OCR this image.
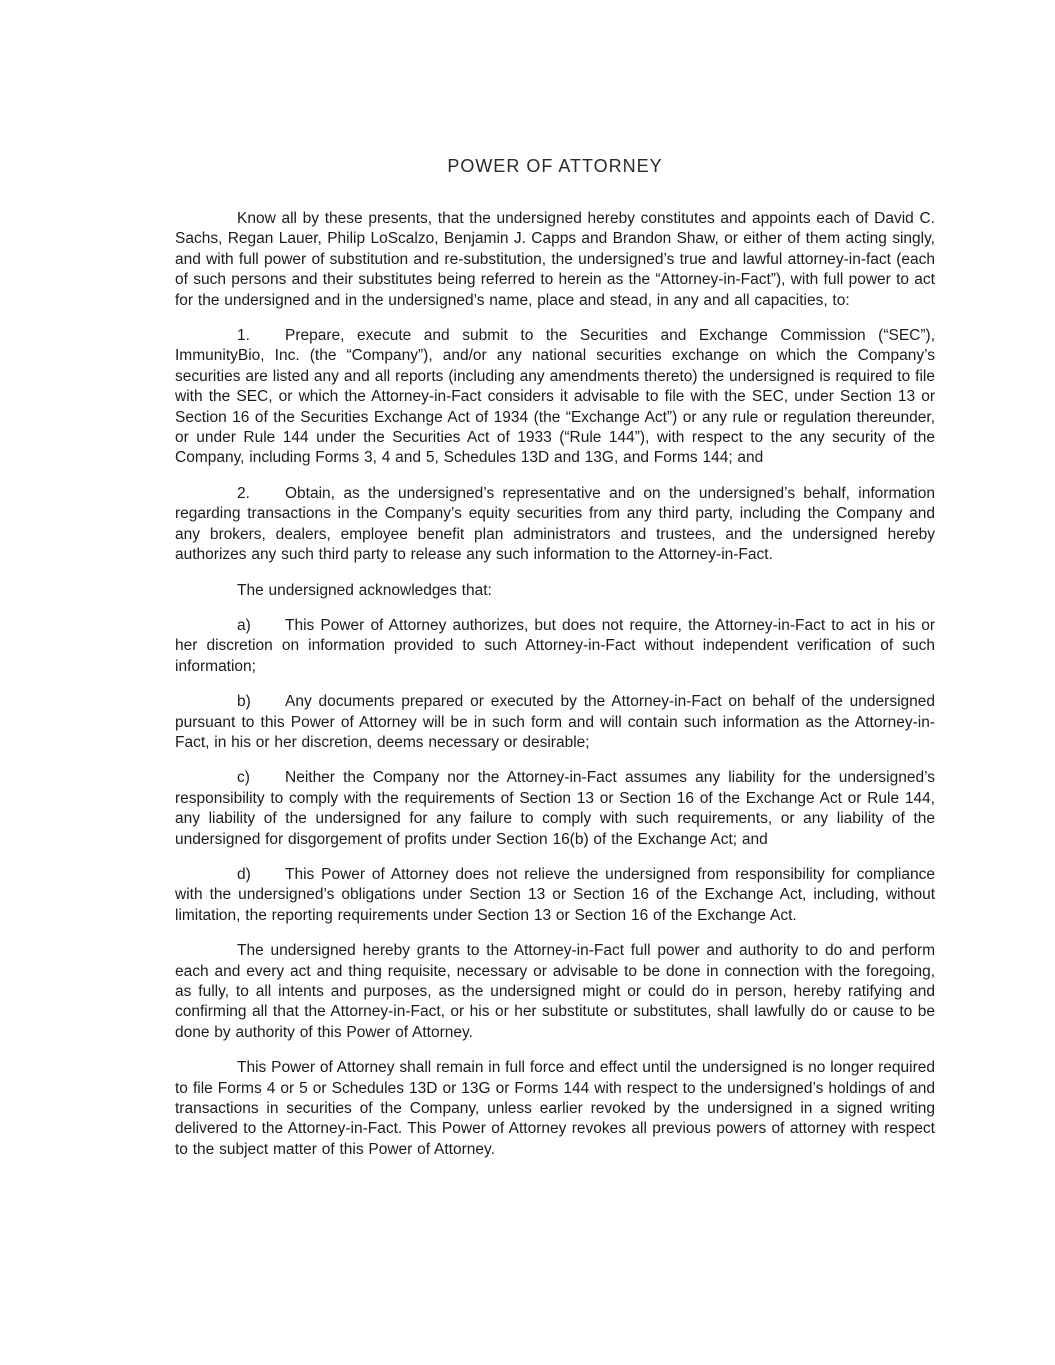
POWER OF ATTORNEY

Know all by these presents, that the undersigned hereby constitutes and appoints each of David C. Sachs, Regan Lauer, Philip LoScalzo, Benjamin J. Capps and Brandon Shaw, or either of them acting singly, and with full power of substitution and re-substitution, the undersigned’s true and lawful attorney-in-fact (each of such persons and their substitutes being referred to herein as the “Attorney-in-Fact”), with full power to act for the undersigned and in the undersigned’s name, place and stead, in any and all capacities, to:

1. Prepare, execute and submit to the Securities and Exchange Commission (“SEC”), ImmunityBio, Inc. (the “Company”), and/or any national securities exchange on which the Company’s securities are listed any and all reports (including any amendments thereto) the undersigned is required to file with the SEC, or which the Attorney-in-Fact considers it advisable to file with the SEC, under Section 13 or Section 16 of the Securities Exchange Act of 1934 (the “Exchange Act”) or any rule or regulation thereunder, or under Rule 144 under the Securities Act of 1933 (“Rule 144”), with respect to the any security of the Company, including Forms 3, 4 and 5, Schedules 13D and 13G, and Forms 144; and

2. Obtain, as the undersigned’s representative and on the undersigned’s behalf, information regarding transactions in the Company’s equity securities from any third party, including the Company and any brokers, dealers, employee benefit plan administrators and trustees, and the undersigned hereby authorizes any such third party to release any such information to the Attorney-in-Fact.

The undersigned acknowledges that:

a) This Power of Attorney authorizes, but does not require, the Attorney-in-Fact to act in his or her discretion on information provided to such Attorney-in-Fact without independent verification of such information;

b) Any documents prepared or executed by the Attorney-in-Fact on behalf of the undersigned pursuant to this Power of Attorney will be in such form and will contain such information as the Attorney-in-Fact, in his or her discretion, deems necessary or desirable;

c) Neither the Company nor the Attorney-in-Fact assumes any liability for the undersigned’s responsibility to comply with the requirements of Section 13 or Section 16 of the Exchange Act or Rule 144, any liability of the undersigned for any failure to comply with such requirements, or any liability of the undersigned for disgorgement of profits under Section 16(b) of the Exchange Act; and

d) This Power of Attorney does not relieve the undersigned from responsibility for compliance with the undersigned’s obligations under Section 13 or Section 16 of the Exchange Act, including, without limitation, the reporting requirements under Section 13 or Section 16 of the Exchange Act.

The undersigned hereby grants to the Attorney-in-Fact full power and authority to do and perform each and every act and thing requisite, necessary or advisable to be done in connection with the foregoing, as fully, to all intents and purposes, as the undersigned might or could do in person, hereby ratifying and confirming all that the Attorney-in-Fact, or his or her substitute or substitutes, shall lawfully do or cause to be done by authority of this Power of Attorney.

This Power of Attorney shall remain in full force and effect until the undersigned is no longer required to file Forms 4 or 5 or Schedules 13D or 13G or Forms 144 with respect to the undersigned’s holdings of and transactions in securities of the Company, unless earlier revoked by the undersigned in a signed writing delivered to the Attorney-in-Fact. This Power of Attorney revokes all previous powers of attorney with respect to the subject matter of this Power of Attorney.
